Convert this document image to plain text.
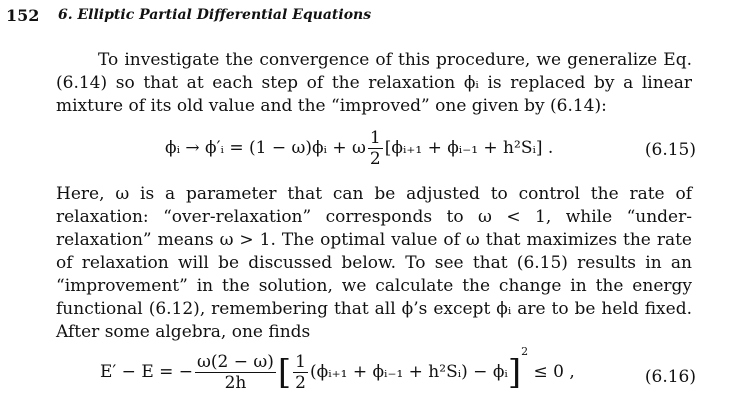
152 6. Elliptic Partial Differential Equations
To investigate the convergence of this procedure, we generalize Eq. (6.14) so that at each step of the relaxation ϕᵢ is replaced by a linear mixture of its old value and the “improved” one given by (6.14):
ϕᵢ → ϕ′ᵢ = (1 − ω)ϕᵢ + ω $\frac{1}{2}$ [ϕᵢ₊₁ + ϕᵢ₋₁ + h²Sᵢ] .	(6.15)
Here, ω is a parameter that can be adjusted to control the rate of relaxation: “over-relaxation” corresponds to ω < 1, while “under-relaxation” means ω > 1. The optimal value of ω that maximizes the rate of relaxation will be discussed below. To see that (6.15) results in an “improvement” in the solution, we calculate the change in the energy functional (6.12), remembering that all ϕ’s except ϕᵢ are to be held fixed. After some algebra, one finds
E′ − E = − $\frac{\omega(2 - \omega)}{2h}$ [ $\frac{1}{2}$ (ϕᵢ₊₁ + ϕᵢ₋₁ + h²Sᵢ) − ϕᵢ]$^2$ ≤ 0 ,	(6.16)
